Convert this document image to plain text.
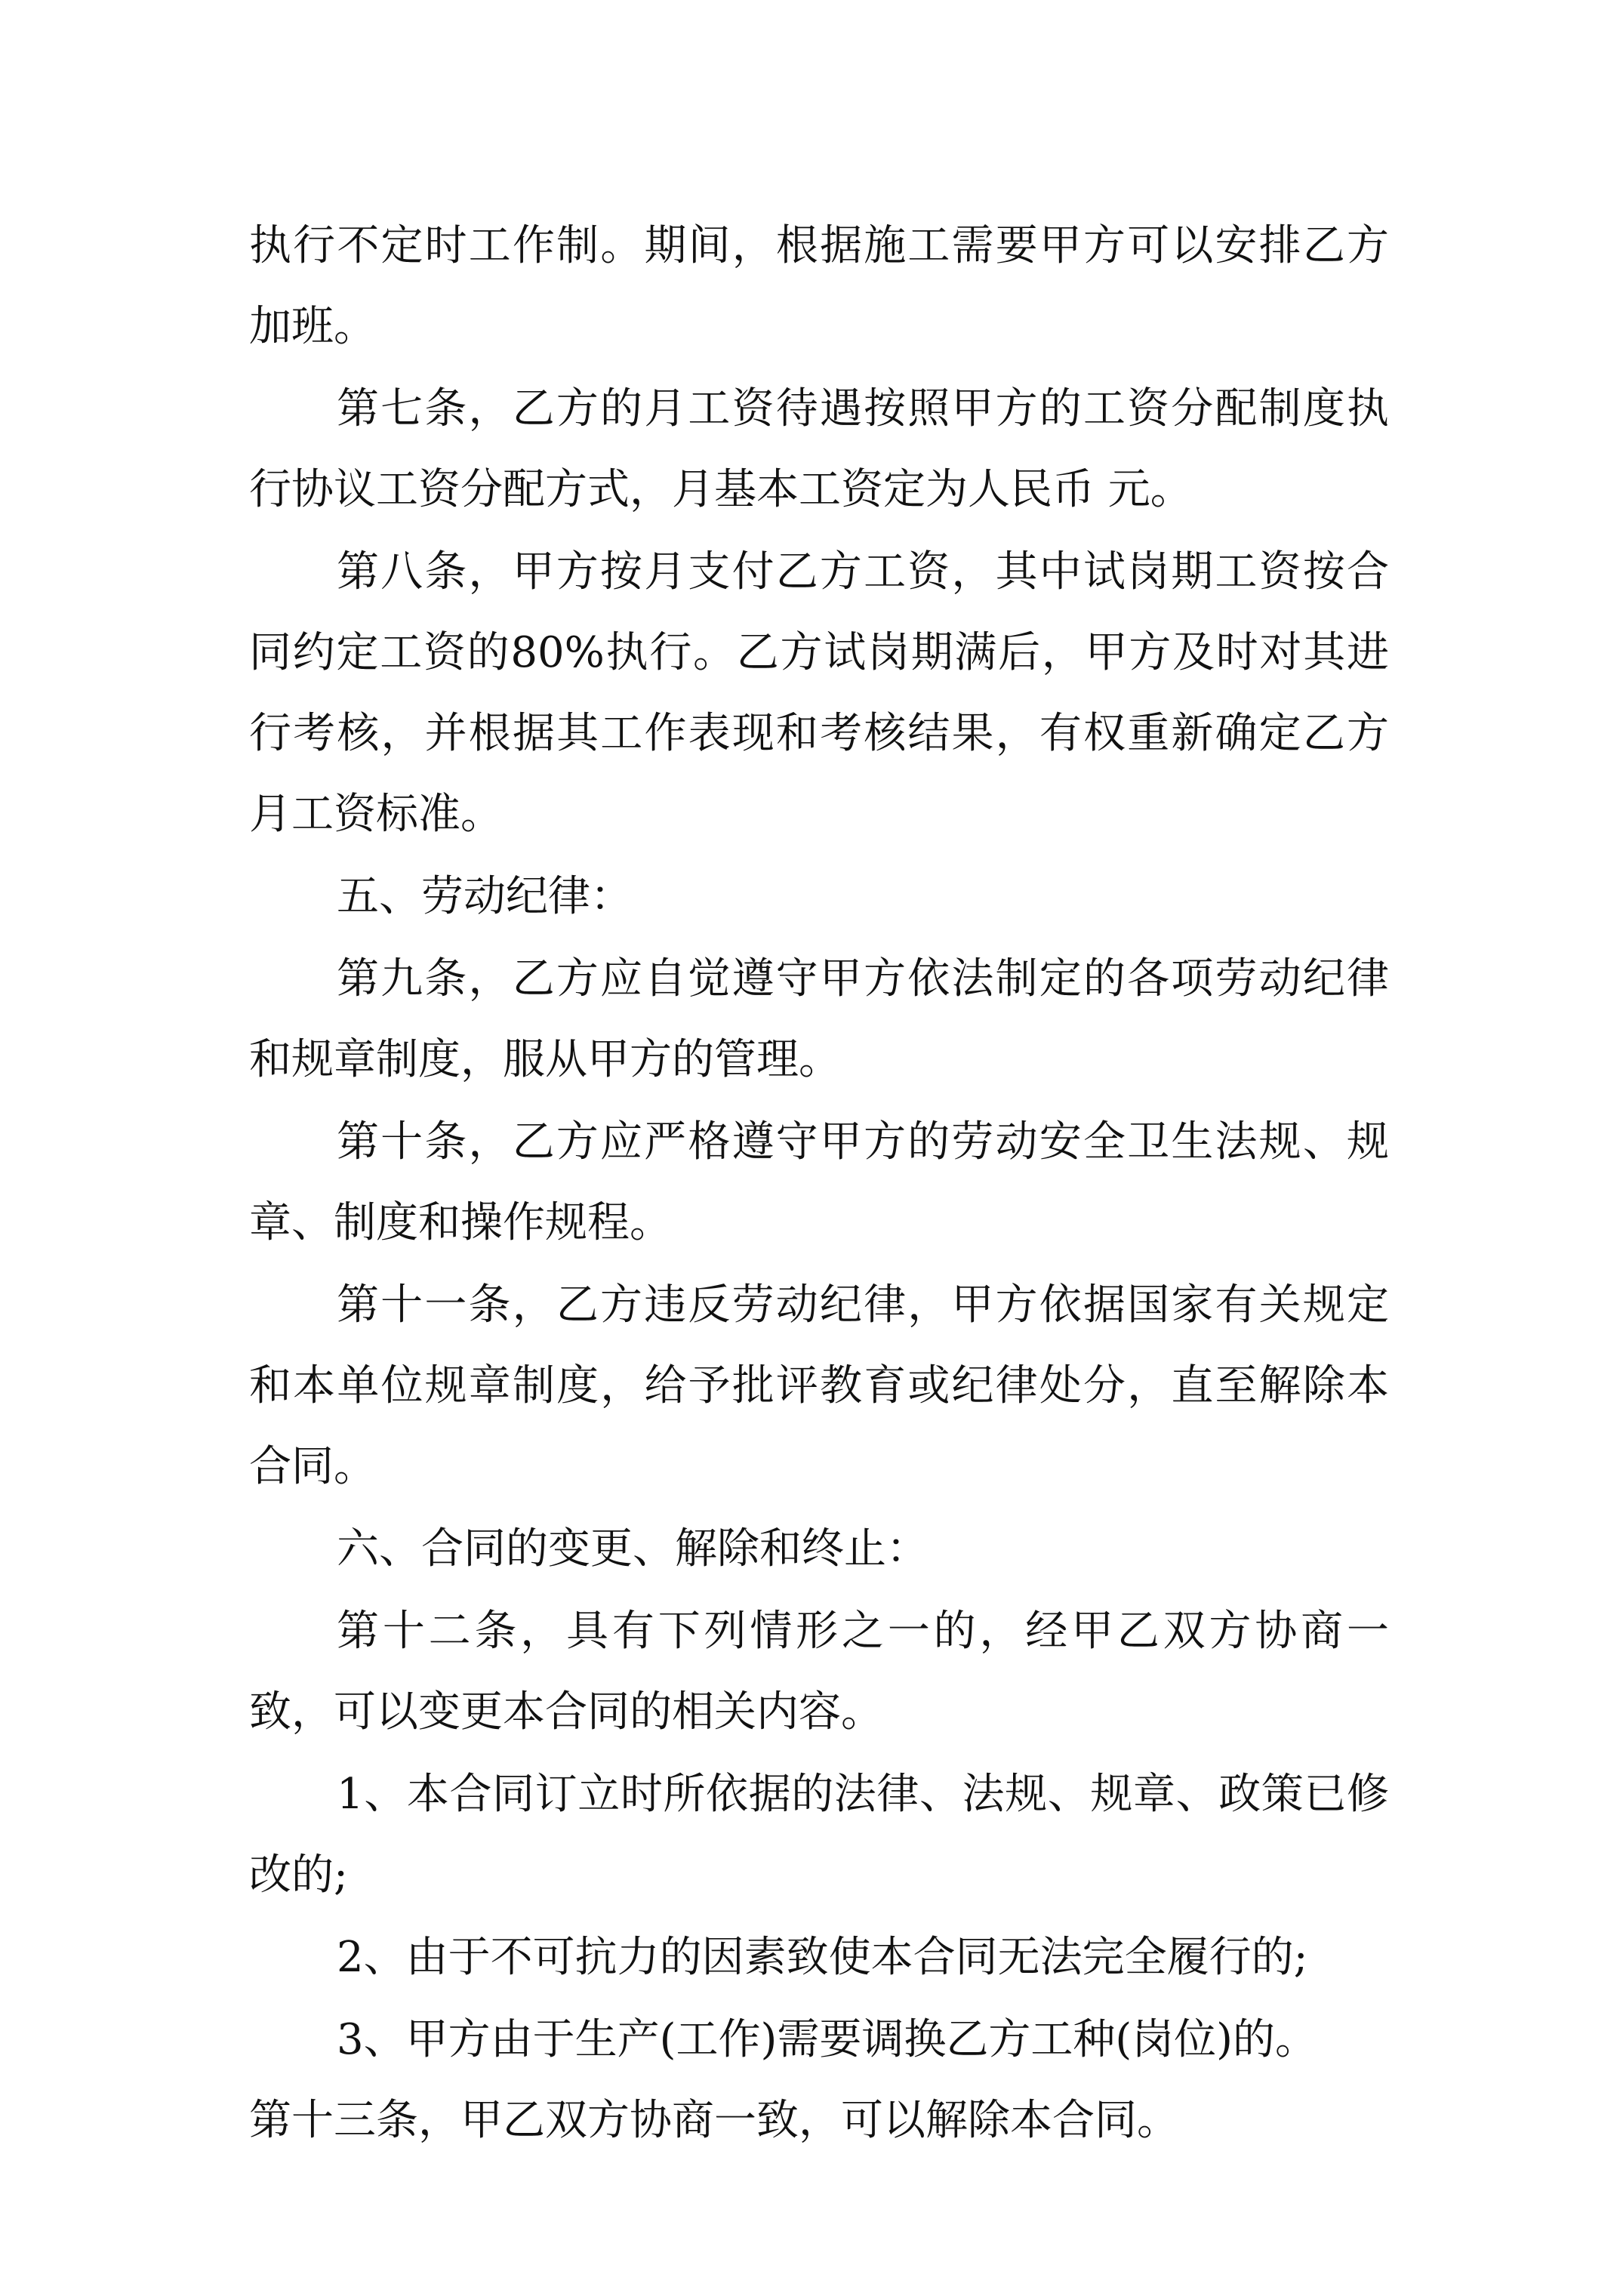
执行不定时工作制。期间，根据施工需要甲方可以安排乙方加班。

第七条，乙方的月工资待遇按照甲方的工资分配制度执行协议工资分配方式，月基本工资定为人民币 元。

第八条，甲方按月支付乙方工资，其中试岗期工资按合同约定工资的80%执行。乙方试岗期满后，甲方及时对其进行考核，并根据其工作表现和考核结果，有权重新确定乙方月工资标准。

五、劳动纪律：

第九条，乙方应自觉遵守甲方依法制定的各项劳动纪律和规章制度，服从甲方的管理。

第十条，乙方应严格遵守甲方的劳动安全卫生法规、规章、制度和操作规程。

第十一条，乙方违反劳动纪律，甲方依据国家有关规定和本单位规章制度，给予批评教育或纪律处分，直至解除本合同。

六、合同的变更、解除和终止：

第十二条，具有下列情形之一的，经甲乙双方协商一致，可以变更本合同的相关内容。

1、本合同订立时所依据的法律、法规、规章、政策已修改的;

2、由于不可抗力的因素致使本合同无法完全履行的;

3、甲方由于生产(工作)需要调换乙方工种(岗位)的。

第十三条，甲乙双方协商一致，可以解除本合同。
